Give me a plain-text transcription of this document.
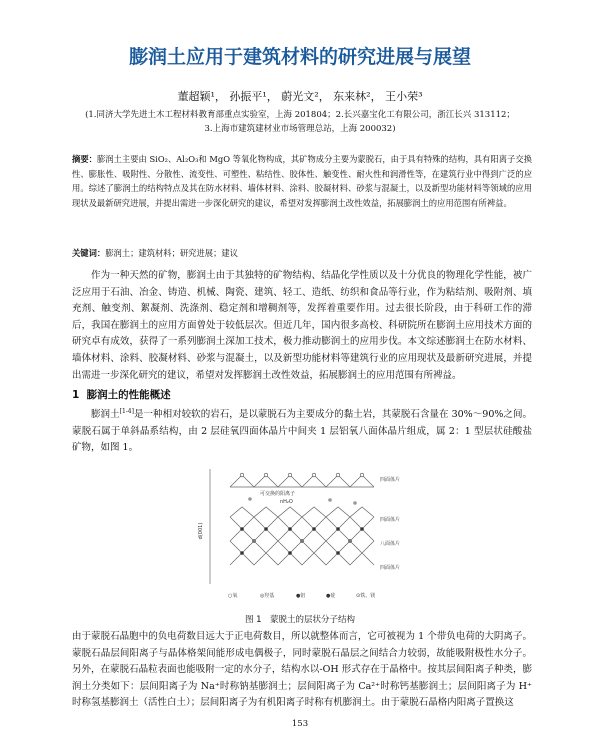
膨润土应用于建筑材料的研究进展与展望
董超颖¹， 孙振平¹， 蔚光文²， 东来林²， 王小荣³
(1.同济大学先进土木工程材料教育部重点实验室，上海 201804；2.长兴嘉宝化工有限公司，浙江长兴 313112；
3.上海市建筑建材业市场管理总站，上海 200032)
摘要：膨润土主要由 SiO₂、Al₂O₃和 MgO 等氧化物构成，其矿物成分主要为蒙脱石，由于具有特殊的结构，具有阳离子交换性、膨胀性、吸附性、分散性、流变性、可塑性、粘结性、胶体性、触变性、耐火性和润滑性等，在建筑行业中得到广泛的应用。综述了膨润土的结构特点及其在防水材料、墙体材料、涂料、胶凝材料、砂浆与混凝土，以及新型功能材料等领域的应用现状及最新研究进展，并提出需进一步深化研究的建议，希望对发挥膨润土改性效益，拓展膨润土的应用范围有所裨益。
关键词：膨润土；建筑材料；研究进展；建议
作为一种天然的矿物，膨润土由于其独特的矿物结构、结晶化学性质以及十分优良的物理化学性能，被广泛应用于石油、冶金、铸造、机械、陶瓷、建筑、轻工、造纸、纺织和食品等行业，作为粘结剂、吸附剂、填充剂、触变剂、絮凝剂、洗涤剂、稳定剂和增稠剂等，发挥着重要作用。过去很长阶段，由于科研工作的滞后，我国在膨润土的应用方面曾处于较低层次。但近几年，国内很多高校、科研院所在膨润土应用技术方面的研究卓有成效，获得了一系列膨润土深加工技术，极力推动膨润土的应用步伐。本文综述膨润土在防水材料、墙体材料、涂料、胶凝材料、砂浆与混凝土，以及新型功能材料等建筑行业的应用现状及最新研究进展，并提出需进一步深化研究的建议，希望对发挥膨润土改性效益，拓展膨润土的应用范围有所裨益。
1 膨润土的性能概述
膨润土[1-4]是一种相对较软的岩石，是以蒙脱石为主要成分的黏土岩，其蒙脱石含量在 30%～90%之间。蒙脱石属于单斜晶系结构，由 2 层硅氧四面体晶片中间夹 1 层铝氧八面体晶片组成，属 2：1 型层状硅酸盐矿物，如图 1。
d(001)
四面体片
可交换的阳离子
nH₂O
四面体片
八面体片
四面体片
○氧	◎羟基	●铝	●硅	⊙铁、镁
图 1　蒙脱土的层状分子结构
由于蒙脱石晶胞中的负电荷数目远大于正电荷数目，所以就整体而言，它可被视为 1 个带负电荷的大阴离子。蒙脱石晶层间阳离子与晶体格架间能形成电偶极子，同时蒙脱石晶层之间结合力较弱，故能吸附极性水分子。另外，在蒙脱石晶粒表面也能吸附一定的水分子，结构水以-OH 形式存在于晶格中。按其层间阳离子种类，膨润土分类如下：层间阳离子为 Na⁺时称钠基膨润土；层间阳离子为 Ca²⁺时称钙基膨润土；层间阳离子为 H⁺时称氢基膨润土（活性白土）；层间阳离子为有机阳离子时称有机膨润土。由于蒙脱石晶格内阳离子置换这
153
